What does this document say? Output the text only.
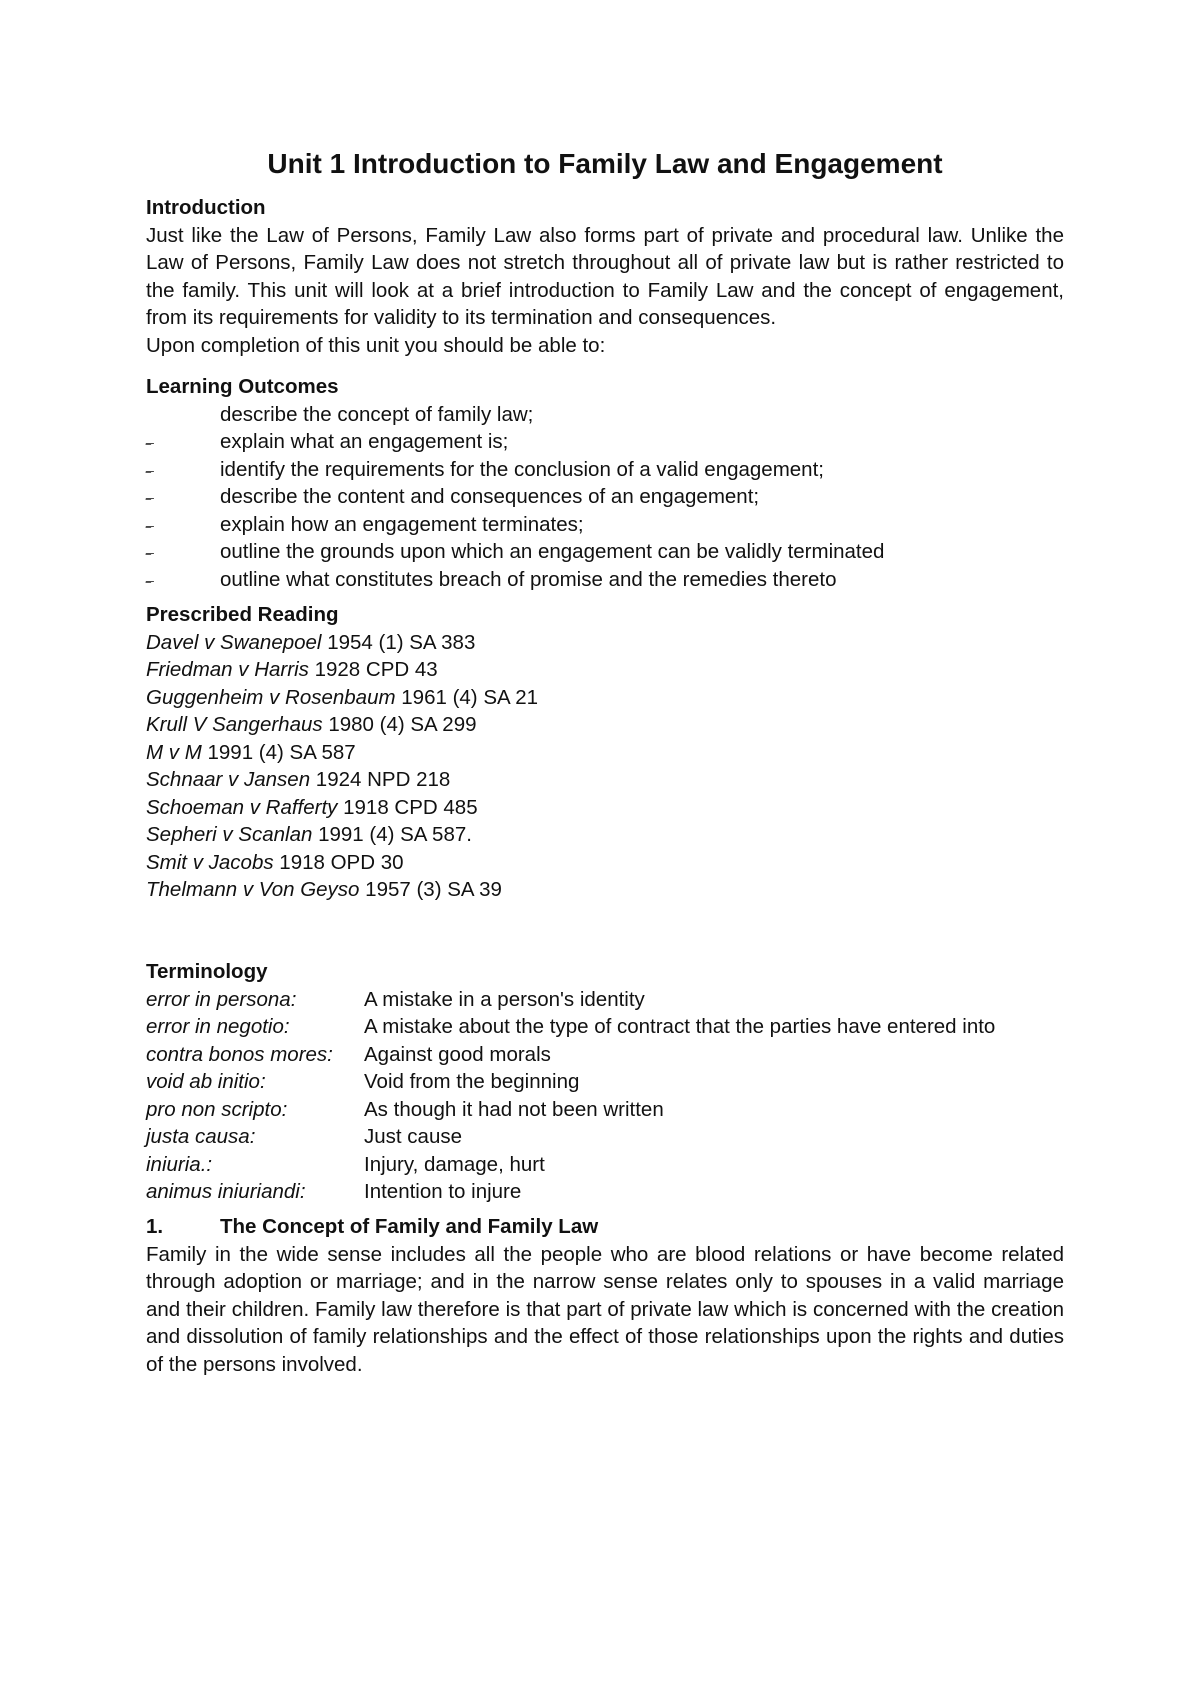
Unit 1 Introduction to Family Law and Engagement

Introduction

Just like the Law of Persons, Family Law also forms part of private and procedural law. Unlike the Law of Persons, Family Law does not stretch throughout all of private law but is rather restricted to the family. This unit will look at a brief introduction to Family Law and the concept of engagement, from its requirements for validity to its termination and consequences.

Upon completion of this unit you should be able to:

Learning Outcomes

describe the concept of family law;
_
‾	explain what an engagement is;
_
‾	identify the requirements for the conclusion of a valid engagement;
_
‾	describe the content and consequences of an engagement;
_
‾	explain how an engagement terminates;
_
‾	outline the grounds upon which an engagement can be validly terminated
_
‾	outline what constitutes breach of promise and the remedies thereto

Prescribed Reading

Davel v Swanepoel 1954 (1) SA 383
Friedman v Harris 1928 CPD 43
Guggenheim v Rosenbaum 1961 (4) SA 21
Krull V Sangerhaus 1980 (4) SA 299
M v M 1991 (4) SA 587
Schnaar v Jansen 1924 NPD 218
Schoeman v Rafferty 1918 CPD 485
Sepheri v Scanlan 1991 (4) SA 587.
Smit v Jacobs 1918 OPD 30
Thelmann v Von Geyso 1957 (3) SA 39

Terminology

error in persona:	A mistake in a person's identity
error in negotio:	A mistake about the type of contract that the parties have entered into
contra bonos mores:	Against good morals
void ab initio:	Void from the beginning
pro non scripto:	As though it had not been written
justa causa:	Just cause
iniuria.:	Injury, damage, hurt
animus iniuriandi:	Intention to injure
1.	The Concept of Family and Family Law

Family in the wide sense includes all the people who are blood relations or have become related through adoption or marriage; and in the narrow sense relates only to spouses in a valid marriage and their children. Family law therefore is that part of private law which is concerned with the creation and dissolution of family relationships and the effect of those relationships upon the rights and duties of the persons involved.
